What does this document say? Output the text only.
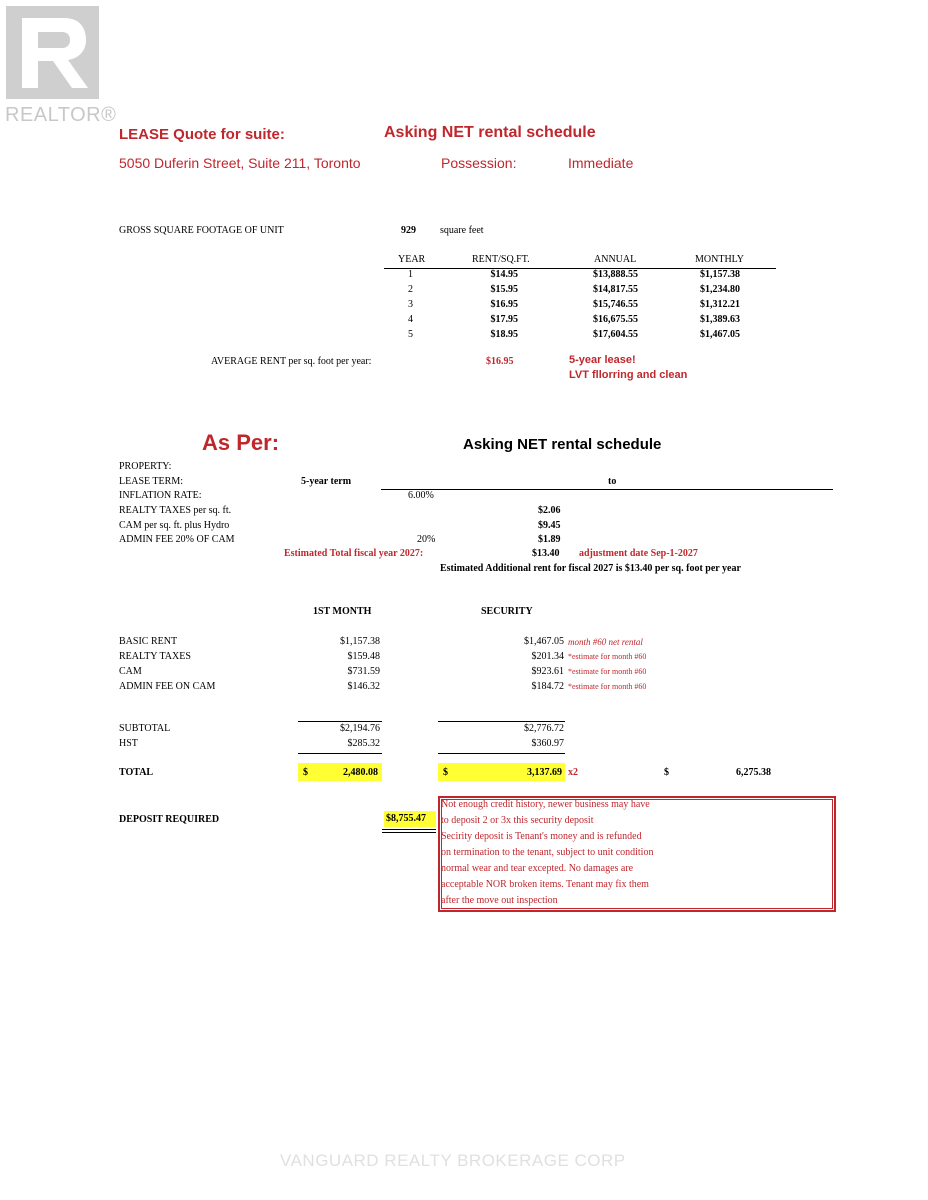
REALTOR®
LEASE Quote for suite:	Asking NET rental schedule
5050 Duferin Street, Suite 211, Toronto	Possession:	Immediate
GROSS SQUARE FOOTAGE OF UNIT	929 square feet
YEAR	RENT/SQ.FT.	ANNUAL	MONTHLY
1	$14.95	$13,888.55	$1,157.38
2	$15.95	$14,817.55	$1,234.80
3	$16.95	$15,746.55	$1,312.21
4	$17.95	$16,675.55	$1,389.63
5	$18.95	$17,604.55	$1,467.05
AVERAGE RENT per sq. foot per year:	$16.95	5-year lease!
LVT fllorring and clean
As Per:	Asking NET rental schedule
PROPERTY:
LEASE TERM:	5-year term	to
INFLATION RATE:	6.00%
REALTY TAXES per sq. ft.	$2.06
CAM per sq. ft. plus Hydro	$9.45
ADMIN FEE 20% OF CAM	20%	$1.89
Estimated Total fiscal year 2027:	$13.40 adjustment date Sep-1-2027
Estimated Additional rent for fiscal 2027 is $13.40 per sq. foot per year
1ST MONTH	SECURITY
BASIC RENT	$1,157.38	$1,467.05 month #60 net rental
REALTY TAXES	$159.48	$201.34 *estimate for month #60
CAM	$731.59	$923.61 *estimate for month #60
ADMIN FEE ON CAM	$146.32	$184.72 *estimate for month #60
SUBTOTAL	$2,194.76	$2,776.72
HST	$285.32	$360.97
TOTAL	$	2,480.08	$	3,137.69 x2	$	6,275.38
DEPOSIT REQUIRED	$8,755.47
Not enough credit history, newer business may have
to deposit 2 or 3x this security deposit
Secirity deposit is Tenant's money and is refunded
on termination to the tenant, subject to unit condition
normal wear and tear excepted. No damages are
acceptable NOR broken items. Tenant may fix them
after the move out inspection
VANGUARD REALTY BROKERAGE CORP
